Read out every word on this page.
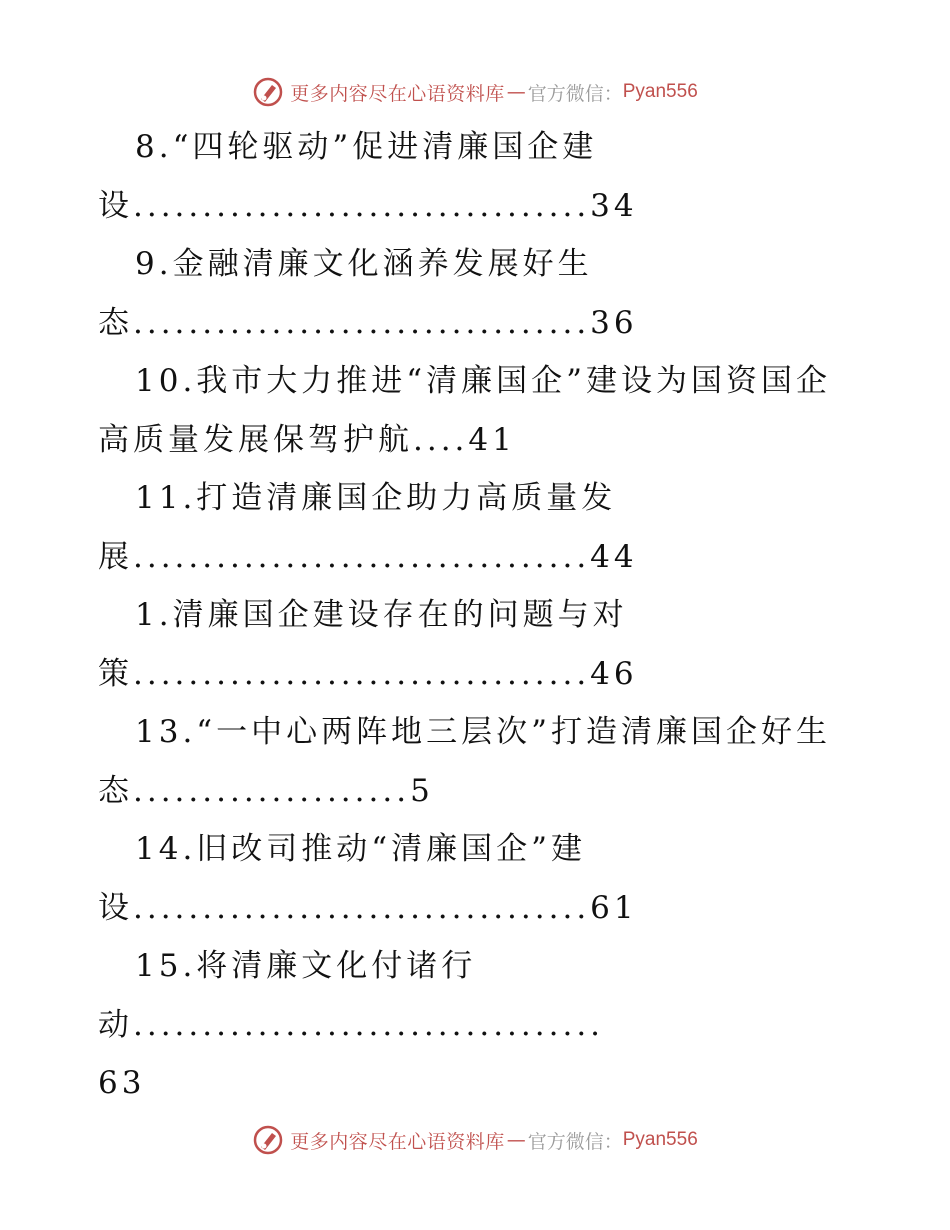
更多内容尽在心语资料库 — 官方微信： Pyan556
8.“四轮驱动”促进清廉国企建
设.................................34
9.金融清廉文化涵养发展好生
态.................................36
10.我市大力推进“清廉国企”建设为国资国企
高质量发展保驾护航....41
11.打造清廉国企助力高质量发
展.................................44
1.清廉国企建设存在的问题与对
策.................................46
13.“一中心两阵地三层次”打造清廉国企好生
态....................5
14.旧改司推动“清廉国企”建
设.................................61
15.将清廉文化付诸行
动..................................
63
更多内容尽在心语资料库 — 官方微信： Pyan556
